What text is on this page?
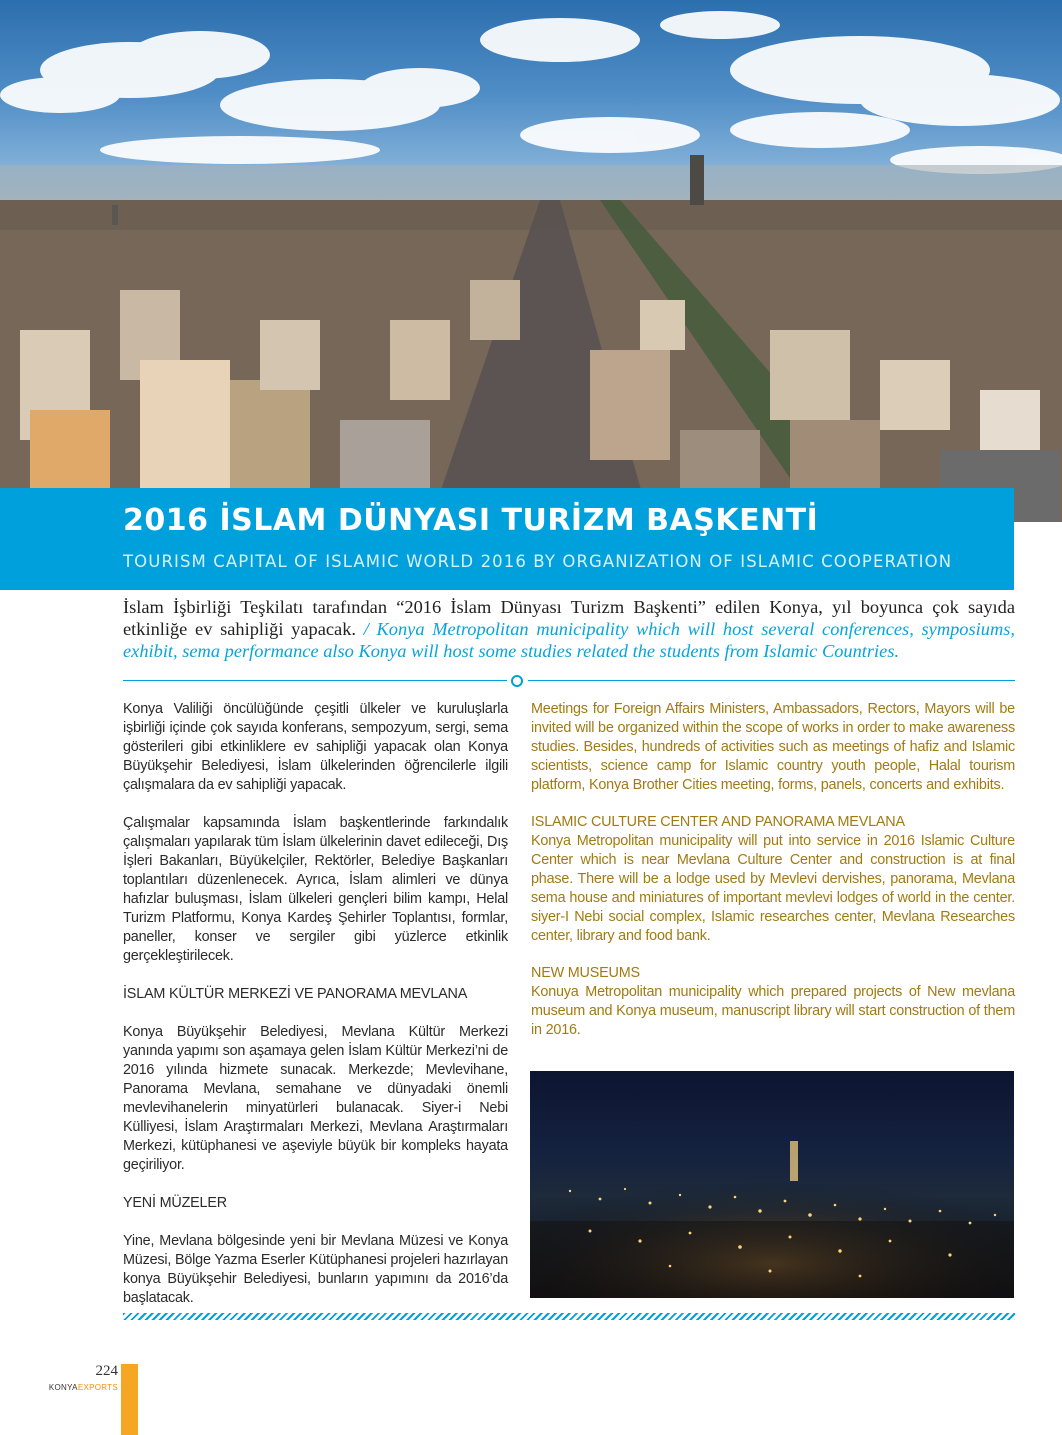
2016 İSLAM DÜNYASI TURİZM BAŞKENTİ
TOURISM CAPITAL OF ISLAMIC WORLD 2016 BY ORGANIZATION OF ISLAMIC COOPERATION
İslam İşbirliği Teşkilatı tarafından “2016 İslam Dünyası Turizm Başkenti” edilen Konya, yıl boyunca çok sayıda etkinliğe ev sahipliği yapacak. / Konya Metropolitan municipality which will host several conferences, symposiums, exhibit, sema performance also Konya will host some studies related the students from Islamic Countries.

Konya Valiliği öncülüğünde çeşitli ülkeler ve kuruluşlarla işbirliği içinde çok sayıda konferans, sempozyum, sergi, sema gösterileri gibi etkinliklere ev sahipliği yapacak olan Konya Büyükşehir Belediyesi, İslam ülkelerinden öğrencilerle ilgili çalışmalara da ev sahipliği yapacak.

Çalışmalar kapsamında İslam başkentlerinde farkındalık çalışmaları yapılarak tüm İslam ülkelerinin davet edileceği, Dış İşleri Bakanları, Büyükelçiler, Rektörler, Belediye Başkanları toplantıları düzenlenecek. Ayrıca, İslam alimleri ve dünya hafızlar buluşması, İslam ülkeleri gençleri bilim kampı, Helal Turizm Platformu, Konya Kardeş Şehirler Toplantısı, formlar, paneller, konser ve sergiler gibi yüzlerce etkinlik gerçekleştirilecek.

İSLAM KÜLTÜR MERKEZİ VE PANORAMA MEVLANA

Konya Büyükşehir Belediyesi, Mevlana Kültür Merkezi yanında yapımı son aşamaya gelen İslam Kültür Merkezi’ni de 2016 yılında hizmete sunacak. Merkezde; Mevlevihane, Panorama Mevlana, semahane ve dünyadaki önemli mevlevihanelerin minyatürleri bulanacak. Siyer-i Nebi Külliyesi, İslam Araştırmaları Merkezi, Mevlana Araştırmaları Merkezi, kütüphanesi ve aşeviyle büyük bir kompleks hayata geçiriliyor.

YENİ MÜZELER

Yine, Mevlana bölgesinde yeni bir Mevlana Müzesi ve Konya Müzesi, Bölge Yazma Eserler Kütüphanesi projeleri hazırlayan konya Büyükşehir Belediyesi, bunların yapımını da 2016’da başlatacak.

Meetings for Foreign Affairs Ministers, Ambassadors, Rectors, Mayors will be invited will be organized within the scope of works in order to make awareness studies. Besides, hundreds of activities such as meetings of hafiz and Islamic scientists, science camp for Islamic country youth people, Halal tourism platform, Konya Brother Cities meeting, forms, panels, concerts and exhibits.

ISLAMIC CULTURE CENTER AND PANORAMA MEVLANA

Konya Metropolitan municipality will put into service in 2016 Islamic Culture Center which is near Mevlana Culture Center and construction is at final phase. There will be a lodge used by Mevlevi dervishes, panorama, Mevlana sema house and miniatures of important mevlevi lodges of world in the center. siyer-I Nebi social complex, Islamic researches center, Mevlana Researches center, library and food bank.

NEW MUSEUMS

Konuya Metropolitan municipality which prepared projects of New mevlana museum and Konya museum, manuscript library will start construction of them in 2016.

224
KONYAEXPORTS
